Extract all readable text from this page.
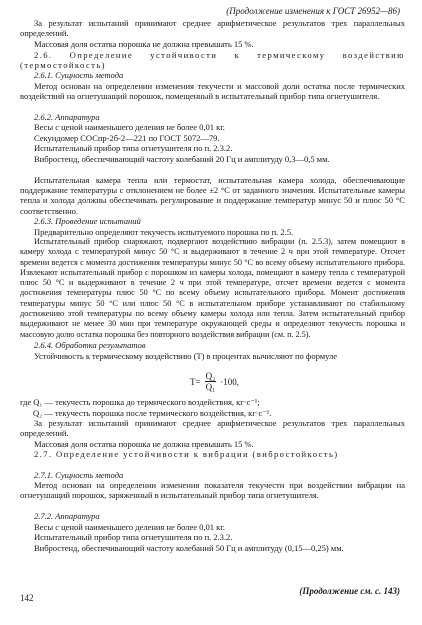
(Продолжение изменения к ГОСТ 26952—86)

За результат испытаний принимают среднее арифметическое результатов трех параллельных определений.

Массовая доля остатка порошка не должна превышать 15 %.

2.6. Определение устойчивости к термическому воздействию (термостойкость)

2.6.1. Сущность метода

Метод основан на определении изменения текучести и массовой доли остатка после термических воздействий на огнетушащий порошок, помещенный в испытательный прибор типа огнетушителя.

2.6.2. Аппаратура

Весы с ценой наименьшего деления не более 0,01 кг.

Секундомер СОСпр-2б-2—221 по ГОСТ 5072—79.

Испытательный прибор типа огнетушителя по п. 2.3.2.

Вибростенд, обеспечивающий частоту колебаний 20 Гц и амплитуду 0,3—0,5 мм.

Испытательная камера тепла или термостат, испытательная камера холода, обеспечивающие поддержание температуры с отклонением не более ±2 °С от заданного значения. Испытательные камеры тепла и холода должны обеспечивать регулирование и поддержание температур минус 50 и плюс 50 °С соответственно.

2.6.3. Проведение испытаний

Предварительно определяют текучесть испытуемого порошка по п. 2.5.

Испытательный прибор снаряжают, подвергают воздействию вибрации (п. 2.5.3), затем помещают в камеру холода с температурой минус 50 °С и выдерживают в течение 2 ч при этой температуре. Отсчет времени ведется с момента достижения температуры минус 50 °С во всему объему испытательного прибора. Извлекают испытательный прибор с порошком из камеры холода, помещают в камеру тепла с температурой плюс 50 °С и выдерживают в течение 2 ч при этой температуре, отсчет времени ведется с момента достижения температуры плюс 50 °С по всему объему испытательного прибора. Момент достижения температуры минус 50 °С или плюс 50 °С в испытательном приборе устанавливают по стабильному достижению этой температуры по всему объему камеры холода или тепла. Затем испытательный прибор выдерживают не менее 30 мин при температуре окружающей среды и определяют текучесть порошка и массовую долю остатка порошка без повторного воздействия вибрации (см. п. 2.5).

2.6.4. Обработка результатов

Устойчивость к термическому воздействию (T) в процентах вычисляют по формуле

$T= \frac{\text{Q₂}}{\text{Q₁}} \cdot 100$,

где Q₁ — текучесть порошка до термического воздействия, кг·с⁻¹;

Q₂ — текучесть порошка после термического воздействия, кг·с⁻¹.

За результат испытаний принимают среднее арифметическое результатов трех параллельных определений.

Массовая доля остатка порошка не должна превышать 15 %.

2.7. Определение устойчивости к вибрации (вибростойкость)

2.7.1. Сущность метода

Метод основан на определении изменения показателя текучести при воздействии вибрации на огнетушащий порошок, заряженный в испытательный прибор типа огнетушителя.

2.7.2. Аппаратура

Весы с ценой наименьшего деления не более 0,01 кг.

Испытательный прибор типа огнетушителя по п. 2.3.2.

Вибростенд, обеспечивающий частоту колебаний 50 Гц и амплитуду (0,15—0,25) мм.

(Продолжение см. с. 143)
142
